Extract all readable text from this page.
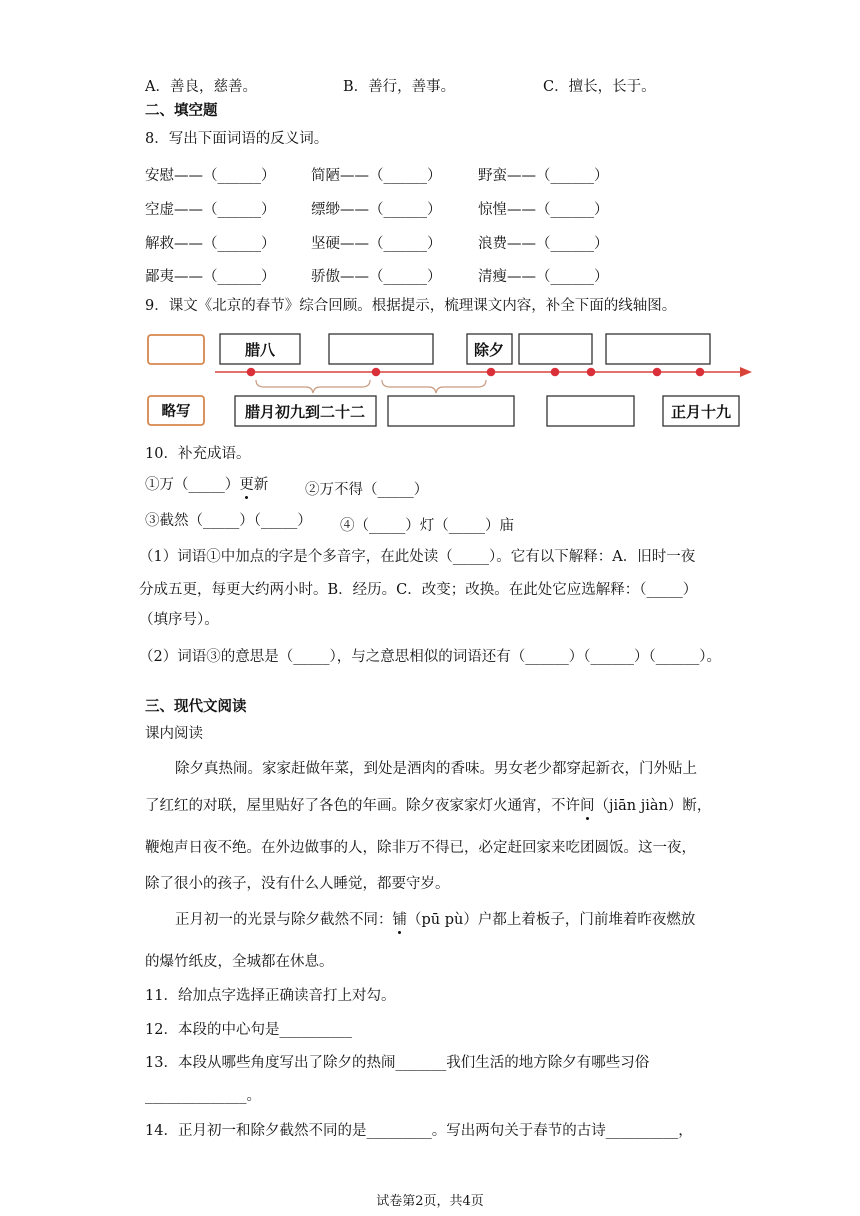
A．善良，慈善。	B．善行，善事。	C．擅长，长于。
二、填空题
8．写出下面词语的反义词。
安慰——（______） 简陋——（______）	野蛮——（______）
空虚——（______） 缥缈——（______）	惊惶——（______）
解救——（______） 坚硬——（______）	浪费——（______）
鄙夷——（______） 骄傲——（______）	清瘦——（______）
9．课文《北京的春节》综合回顾。根据提示，梳理课文内容，补全下面的线轴图。
腊八	除夕
略写	腊月初九到二十二	正月十九
10．补充成语。
①万（_____）更新	②万不得（_____）
③截然（_____）（_____） ④（_____）灯（_____）庙
（1）词语①中加点的字是个多音字，在此处读（_____）。它有以下解释：A．旧时一夜
分成五更，每更大约两小时。B．经历。C．改变；改换。在此处它应选解释：（_____）
（填序号）。
（2）词语③的意思是（_____），与之意思相似的词语还有（______）（______）（______）。
三、现代文阅读
课内阅读
除夕真热闹。家家赶做年菜，到处是酒肉的香味。男女老少都穿起新衣，门外贴上
了红红的对联，屋里贴好了各色的年画。除夕夜家家灯火通宵，不许间（jiān jiàn）断，
鞭炮声日夜不绝。在外边做事的人，除非万不得已，必定赶回家来吃团圆饭。这一夜，
除了很小的孩子，没有什么人睡觉，都要守岁。
正月初一的光景与除夕截然不同：铺（pū pù）户都上着板子，门前堆着昨夜燃放
的爆竹纸皮，全城都在休息。
11．给加点字选择正确读音打上对勾。
12．本段的中心句是__________
13．本段从哪些角度写出了除夕的热闹_______我们生活的地方除夕有哪些习俗
______________。
14．正月初一和除夕截然不同的是_________。写出两句关于春节的古诗__________，
试卷第2页，共4页
